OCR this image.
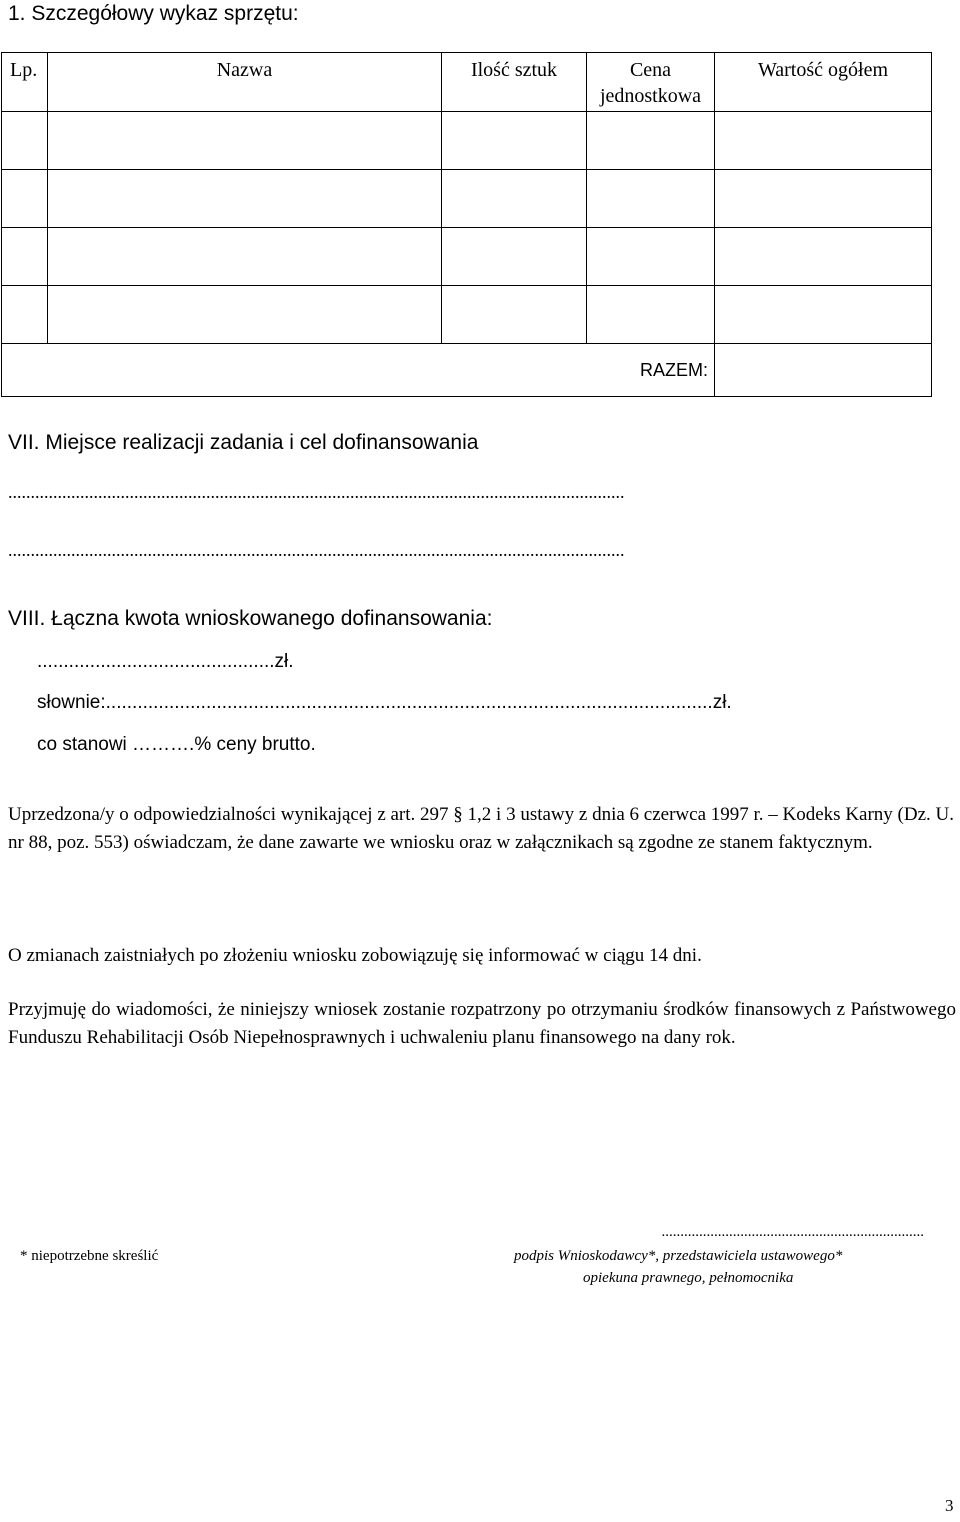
1. Szczegółowy wykaz sprzętu:
Lp.	Nazwa	Ilość sztuk	Cena jednostkowa	Wartość ogółem

RAZEM:				
VII. Miejsce realizacji zadania i cel dofinansowania
.........................................................................................................................................
.........................................................................................................................................
VIII. Łączna kwota wnioskowanego dofinansowania:
.............................................zł.
słownie:...................................................................................................................zł.
co stanowi ……….% ceny brutto.
Uprzedzona/y o odpowiedzialności wynikającej z art. 297 § 1,2 i 3 ustawy z dnia 6 czerwca 1997 r. – Kodeks Karny (Dz. U. nr 88, poz. 553) oświadczam, że dane zawarte we wniosku oraz w załącznikach są zgodne ze stanem faktycznym.
O zmianach zaistniałych po złożeniu wniosku zobowiązuję się informować w ciągu 14 dni.
Przyjmuję do wiadomości, że niniejszy wniosek zostanie rozpatrzony po otrzymaniu środków finansowych z Państwowego Funduszu Rehabilitacji Osób Niepełnosprawnych i uchwaleniu planu finansowego na dany rok.
* niepotrzebne skreślić
......................................................................
podpis Wnioskodawcy*, przedstawiciela ustawowego*
opiekuna prawnego, pełnomocnika
3
